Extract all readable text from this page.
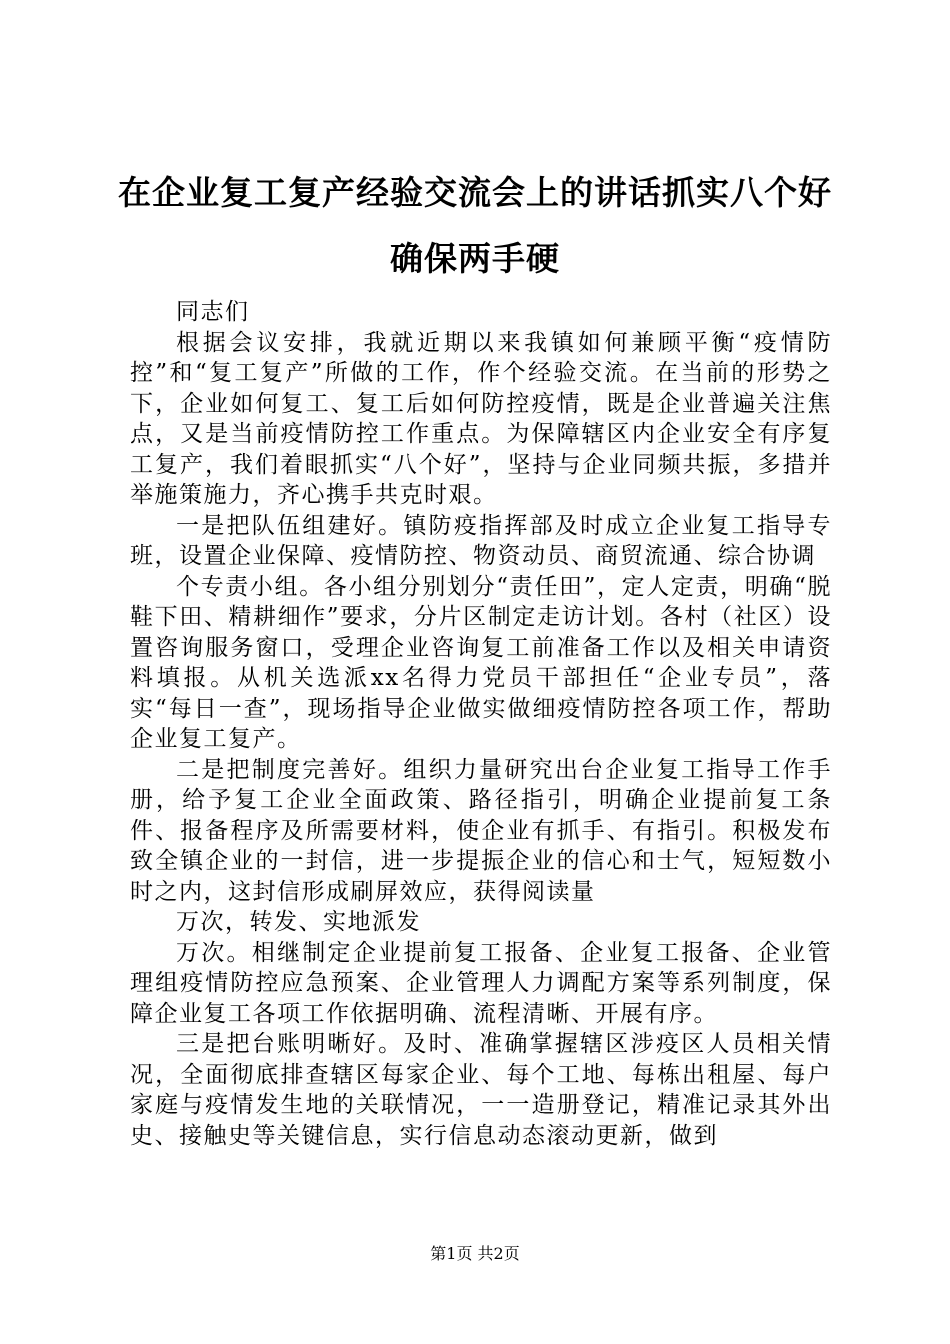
在企业复工复产经验交流会上的讲话抓实八个好确保两手硬

同志们

根据会议安排，我就近期以来我镇如何兼顾平衡“疫情防控”和“复工复产”所做的工作，作个经验交流。在当前的形势之下，企业如何复工、复工后如何防控疫情，既是企业普遍关注焦点，又是当前疫情防控工作重点。为保障辖区内企业安全有序复工复产，我们着眼抓实“八个好”，坚持与企业同频共振，多措并举施策施力，齐心携手共克时艰。

一是把队伍组建好。镇防疫指挥部及时成立企业复工指导专班，设置企业保障、疫情防控、物资动员、商贸流通、综合协调

个专责小组。各小组分别划分“责任田”，定人定责，明确“脱鞋下田、精耕细作”要求，分片区制定走访计划。各村（社区）设置咨询服务窗口，受理企业咨询复工前准备工作以及相关申请资料填报。从机关选派xx名得力党员干部担任“企业专员”，落实“每日一查”，现场指导企业做实做细疫情防控各项工作，帮助企业复工复产。

二是把制度完善好。组织力量研究出台企业复工指导工作手册，给予复工企业全面政策、路径指引，明确企业提前复工条件、报备程序及所需要材料，使企业有抓手、有指引。积极发布致全镇企业的一封信，进一步提振企业的信心和士气，短短数小时之内，这封信形成刷屏效应，获得阅读量

万次，转发、实地派发

万次。相继制定企业提前复工报备、企业复工报备、企业管理组疫情防控应急预案、企业管理人力调配方案等系列制度，保障企业复工各项工作依据明确、流程清晰、开展有序。

三是把台账明晰好。及时、准确掌握辖区涉疫区人员相关情况，全面彻底排查辖区每家企业、每个工地、每栋出租屋、每户家庭与疫情发生地的关联情况，一一造册登记，精准记录其外出史、接触史等关键信息，实行信息动态滚动更新，做到

第1页 共2页
